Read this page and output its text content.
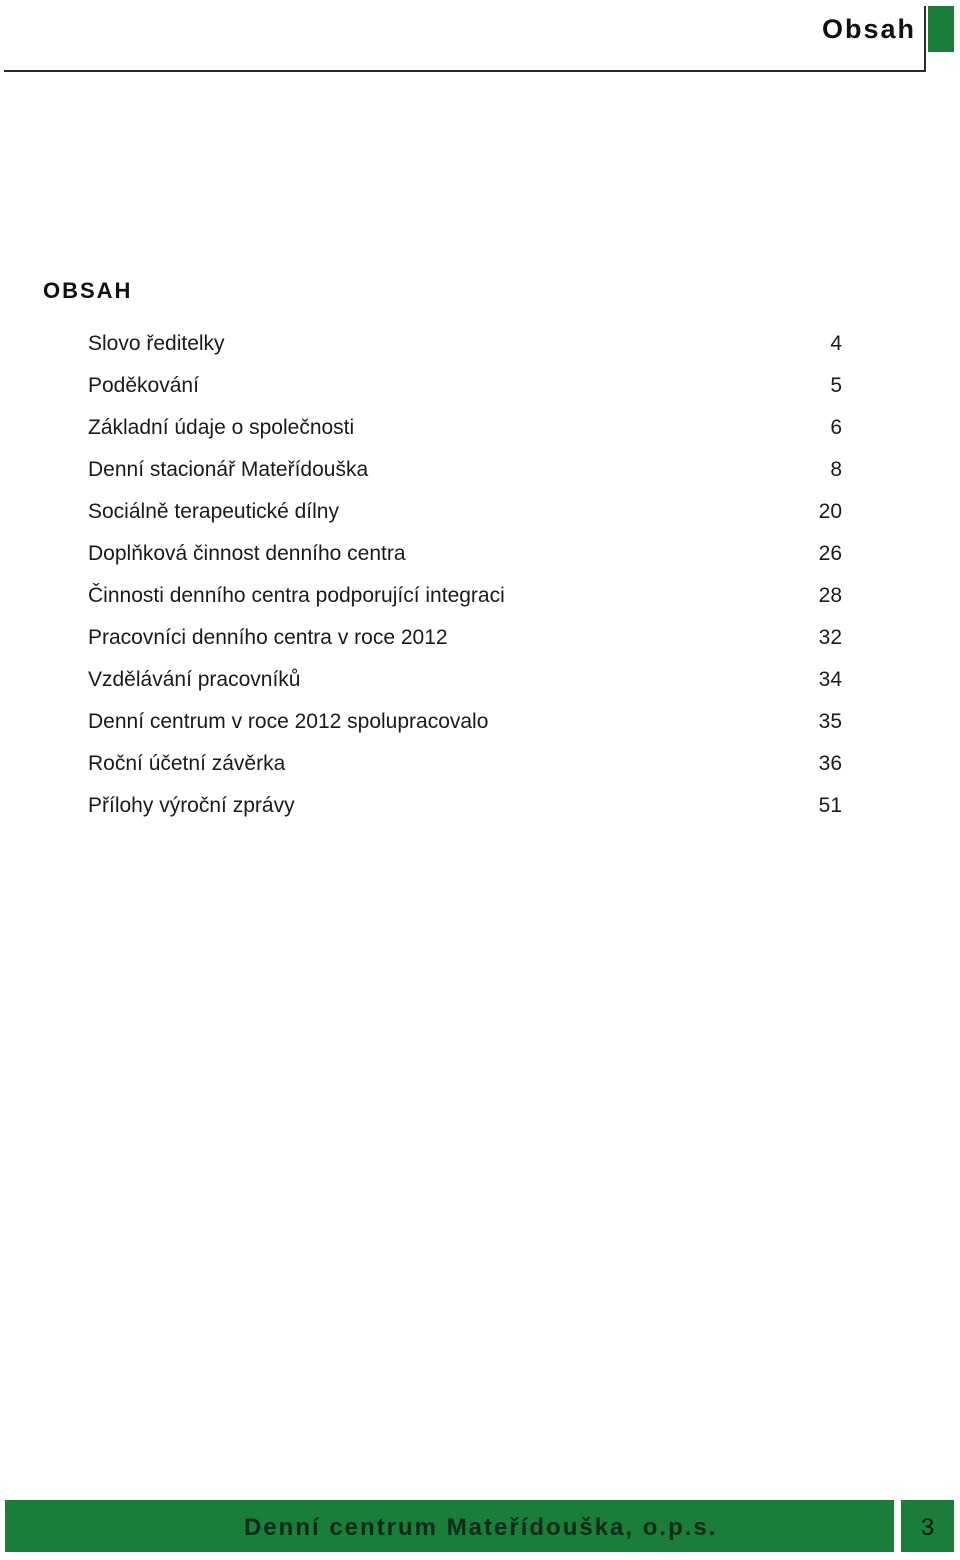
Obsah
OBSAH
Slovo ředitelky	4
Poděkování	5
Základní údaje o společnosti	6
Denní stacionář Mateřídouška	8
Sociálně terapeutické dílny	20
Doplňková činnost denního centra	26
Činnosti denního centra podporující integraci	28
Pracovníci denního centra v roce 2012	32
Vzdělávání pracovníků	34
Denní centrum v roce 2012 spolupracovalo	35
Roční účetní závěrka	36
Přílohy výroční zprávy	51
Denní centrum Mateřídouška, o.p.s.	3
